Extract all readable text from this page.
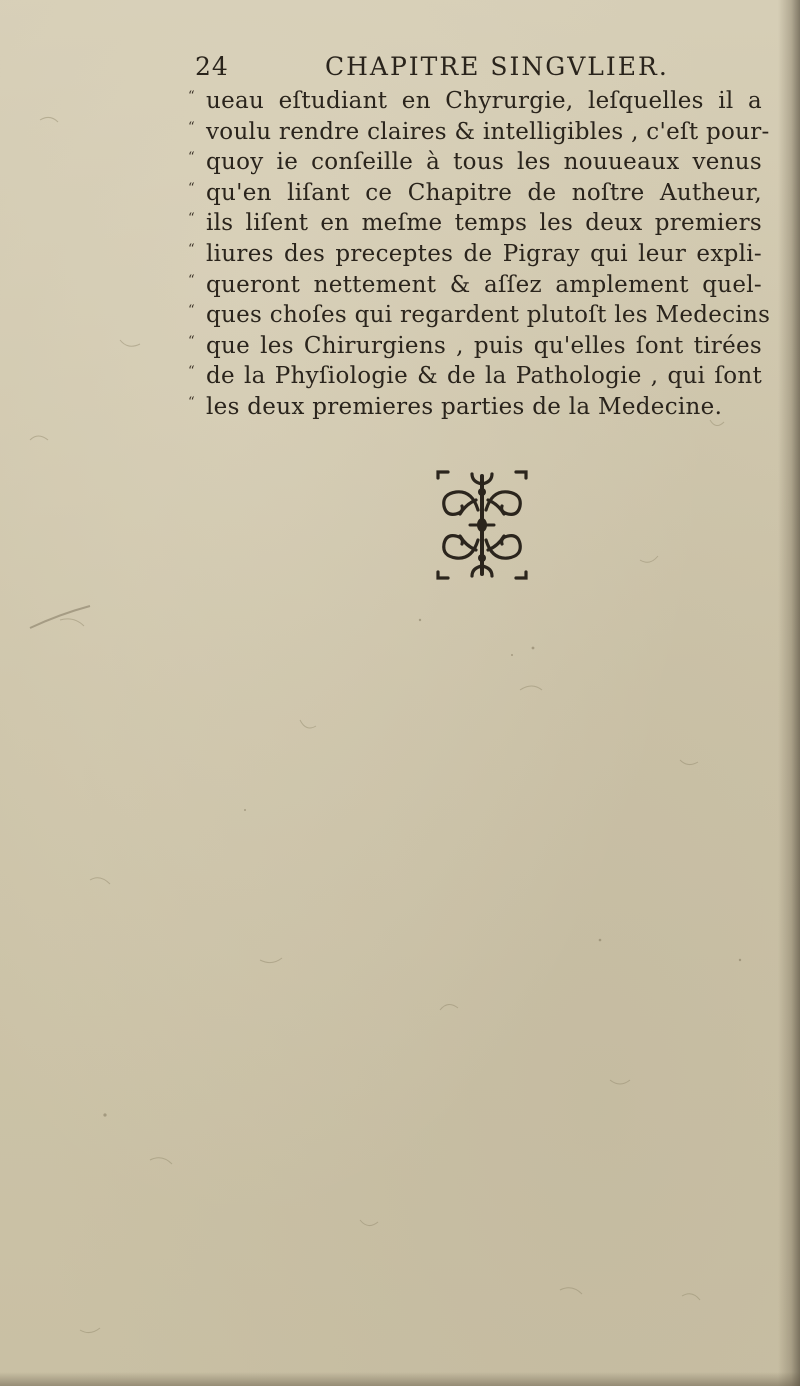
24	CHAPITRE SINGVLIER.
“ ueau eſtudiant en Chyrurgie, leſquelles il a
“ voulu rendre claires & intelligibles , c'eſt pour-
“ quoy ie conſeille à tous les nouueaux venus
“ qu'en liſant ce Chapitre de noſtre Autheur,
“ ils liſent en meſme temps les deux premiers
“ liures des preceptes de Pigray qui leur expli-
“ queront nettement & aſſez amplement quel-
“ ques choſes qui regardent plutoſt les Medecins
“ que les Chirurgiens , puis qu'elles ſont tirées
“ de la Phyſiologie & de la Pathologie , qui ſont
“ les deux premieres parties de la Medecine.
